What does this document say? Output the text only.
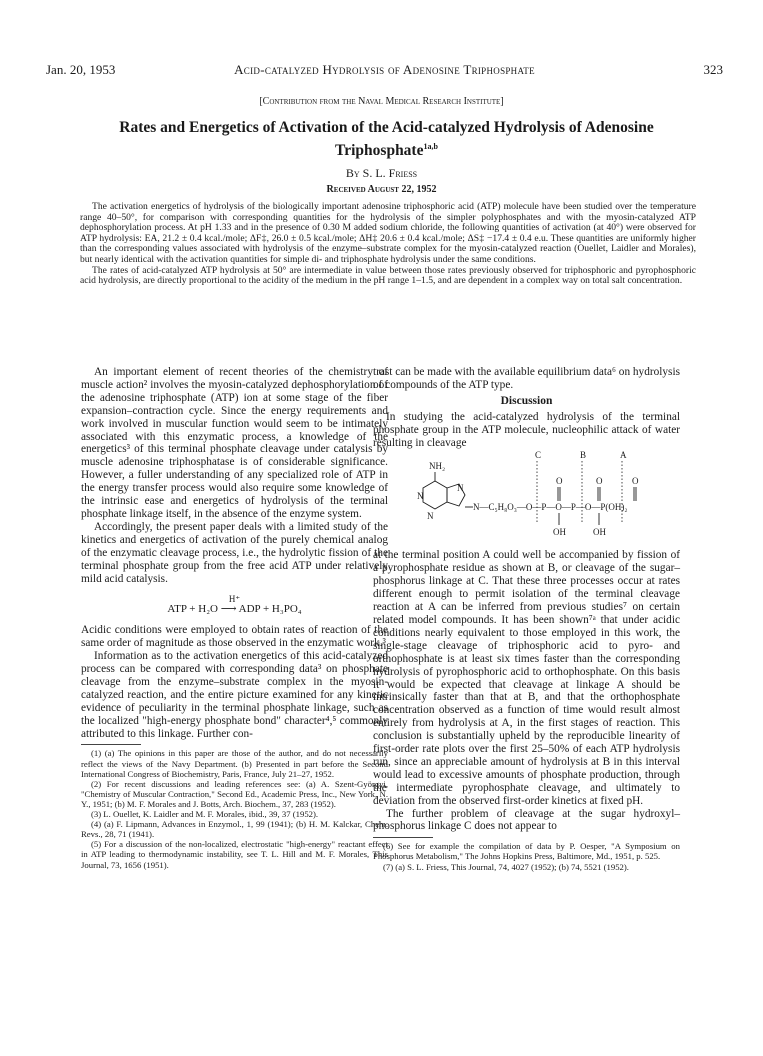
Jan. 20, 1953	Acid-catalyzed Hydrolysis of Adenosine Triphosphate	323
[Contribution from the Naval Medical Research Institute]
Rates and Energetics of Activation of the Acid-catalyzed Hydrolysis of Adenosine Triphosphate$^{1a,b}$
By S. L. Friess
Received August 22, 1952

The activation energetics of hydrolysis of the biologically important adenosine triphosphoric acid (ATP) molecule have been studied over the temperature range 40–50°, for comparison with corresponding quantities for the hydrolysis of the simpler polyphosphates and with the myosin-catalyzed ATP dephosphorylation process. At pH 1.33 and in the presence of 0.30 M added sodium chloride, the following quantities of activation (at 40°) were observed for ATP hydrolysis: EA, 21.2 ± 0.4 kcal./mole; ΔF‡, 26.0 ± 0.5 kcal./mole; ΔH‡ 20.6 ± 0.4 kcal./mole; ΔS‡ −17.4 ± 0.4 e.u. These quantities are uniformly higher than the corresponding values associated with hydrolysis of the enzyme–substrate complex for the myosin-catalyzed reaction (Ouellet, Laidler and Morales), but nearly identical with the activation quantities for simple di- and triphosphate hydrolysis under the same conditions.

The rates of acid-catalyzed ATP hydrolysis at 50° are intermediate in value between those rates previously observed for triphosphoric and pyrophosphoric acid hydrolysis, are directly proportional to the acidity of the medium in the pH range 1–1.5, and are dependent in a complex way on total salt concentration.

An important element of recent theories of the chemistry of muscle action² involves the myosin-catalyzed dephosphorylation of the adenosine triphosphate (ATP) ion at some stage of the fiber expansion–contraction cycle. Since the energy requirements and work involved in muscular function would seem to be intimately associated with this enzymatic process, a knowledge of the energetics³ of this terminal phosphate cleavage under catalysis by muscle adenosine triphosphatase is of considerable significance. However, a fuller understanding of any specialized role of ATP in the energy transfer process would also require some knowledge of the intrinsic ease and energetics of hydrolysis of the terminal phosphate linkage itself, in the absence of the enzyme system.

Accordingly, the present paper deals with a limited study of the kinetics and energetics of activation of the purely chemical analog of the enzymatic cleavage process, i.e., the hydrolytic fission of the terminal phosphate group from the free acid ATP under relatively mild acid catalysis.

H⁺
ATP + H₂O ⟶ ADP + H₃PO₄

Acidic conditions were employed to obtain rates of reaction of the same order of magnitude as those observed in the enzymatic work.³

Information as to the activation energetics of this acid-catalyzed process can be compared with corresponding data³ on phosphate cleavage from the enzyme–substrate complex in the myosin-catalyzed reaction, and the entire picture examined for any kinetic evidence of peculiarity in the terminal phosphate linkage, such as the localized "high-energy phosphate bond" character⁴,⁵ commonly attributed to this linkage. Further con-

(1) (a) The opinions in this paper are those of the author, and do not necessarily reflect the views of the Navy Department. (b) Presented in part before the Second International Congress of Biochemistry, Paris, France, July 21–27, 1952.

(2) For recent discussions and leading references see: (a) A. Szent-Györgyi, "Chemistry of Muscular Contraction," Second Ed., Academic Press, Inc., New York, N. Y., 1951; (b) M. F. Morales and J. Botts, Arch. Biochem., 37, 283 (1952).

(3) L. Ouellet, K. Laidler and M. F. Morales, ibid., 39, 37 (1952).

(4) (a) F. Lipmann, Advances in Enzymol., 1, 99 (1941); (b) H. M. Kalckar, Chem. Revs., 28, 71 (1941).

(5) For a discussion of the non-localized, electrostatic "high-energy" reactant effect in ATP leading to thermodynamic instability, see T. L. Hill and M. F. Morales, This Journal, 73, 1656 (1951).

trast can be made with the available equilibrium data⁶ on hydrolysis of compounds of the ATP type.

Discussion

In studying the acid-catalyzed hydrolysis of the terminal phosphate group in the ATP molecule, nucleophilic attack of water resulting in cleavage

C	B	A
NH₂
N
N
N
N—C₅H₈O₃—O—P—O—P—O—P(OH)₂
O	O	O
OH	OH

at the terminal position A could well be accompanied by fission of a pyrophosphate residue as shown at B, or cleavage of the sugar–phosphorus linkage at C. That these three processes occur at rates different enough to permit isolation of the terminal cleavage reaction at A can be inferred from previous studies⁷ on certain related model compounds. It has been shown⁷ᵃ that under acidic conditions nearly equivalent to those employed in this work, the single-stage cleavage of triphosphoric acid to pyro- and orthophosphate is at least six times faster than the corresponding hydrolysis of pyrophosphoric acid to orthophosphate. On this basis it would be expected that cleavage at linkage A should be intrinsically faster than that at B, and that the orthophosphate concentration observed as a function of time would result almost entirely from hydrolysis at A, in the first stages of reaction. This conclusion is substantially upheld by the reproducible linearity of first-order rate plots over the first 25–50% of each ATP hydrolysis run, since an appreciable amount of hydrolysis at B in this interval would lead to excessive amounts of phosphate production, through the intermediate pyrophosphate cleavage, and ultimately to deviation from the observed first-order kinetics at fixed pH.

The further problem of cleavage at the sugar hydroxyl–phosphorus linkage C does not appear to

(6) See for example the compilation of data by P. Oesper, "A Symposium on Phosphorus Metabolism," The Johns Hopkins Press, Baltimore, Md., 1951, p. 525.

(7) (a) S. L. Friess, This Journal, 74, 4027 (1952); (b) 74, 5521 (1952).
